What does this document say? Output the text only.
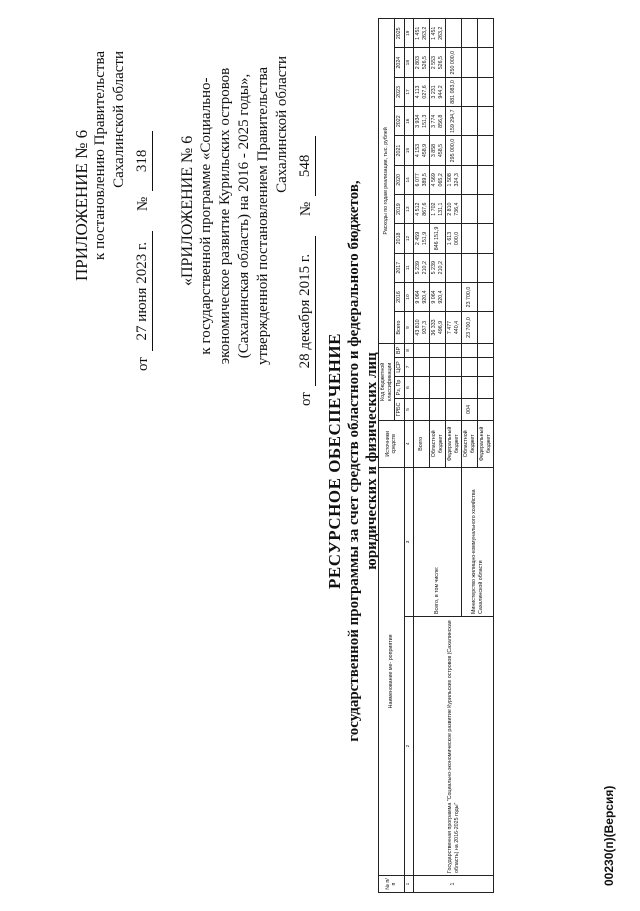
ПРИЛОЖЕНИЕ № 6 к постановлению Правительства Сахалинской области
от
27 июня 2023 г.
№
318 «ПРИЛОЖЕНИЕ № 6 к государственной программе «Социально- экономическое развитие Курильских островов (Сахалинская область) на 2016 - 2025 годы», утвержденной постановлением Правительства Сахалинской области
от
28 декабря 2015 г.
№
548
РЕСУРСНОЕ ОБЕСПЕЧЕНИЕ государственной программы за счет средств областного и федерального бюджетов, юридических и физических лиц
№ п/п	Наименование ме- роприятия		Источники средств	Код бюджетной классификации				Расходы по годам реализации, тыс. рублей										
				ГРБС	Рз, Пр	ЦСР	ВР	Всего	2016	2017	2018	2019	2020	2021	2022	2023	2024	2025
1	2	3	4	5	6	7	8	9	10	11	12	13	14	15	16	17	18	19
1	Государственная программа "Социально-экономическое развитие Курильских островов (Сахалинская область) на 2016-2025 годы"	Всего, в том числе:	Всего					43 810 937,3	9 064 920,4	5 239 210,2	2 459 151,9	4 512 867,6	6 077 389,5	4 153 458,9	3 934 151,3	4 113 027,6	2 803 526,5	1 451 263,2
			Областной бюджет					36 333 496,9	9 064 920,4	5 239 210,2	846 151,9	1 702 131,1	4 569 065,2	3 858 458,5	3 774 856,8	3 231 944,2	2 553 526,5	1 451 263,2
			Федеральный бюджет					7 477 440,4			1 613 000,0	2 810 736,4	1 508 324,3	295 000,0	159 294,7	881 083,0	250 000,0	
		Министерство жилищно-коммунального хозяйства Сахалинской области	Областной бюджет	004				23 700,0	23 700,0									
			Федеральный бюджет															
00230(п)(Версия)
